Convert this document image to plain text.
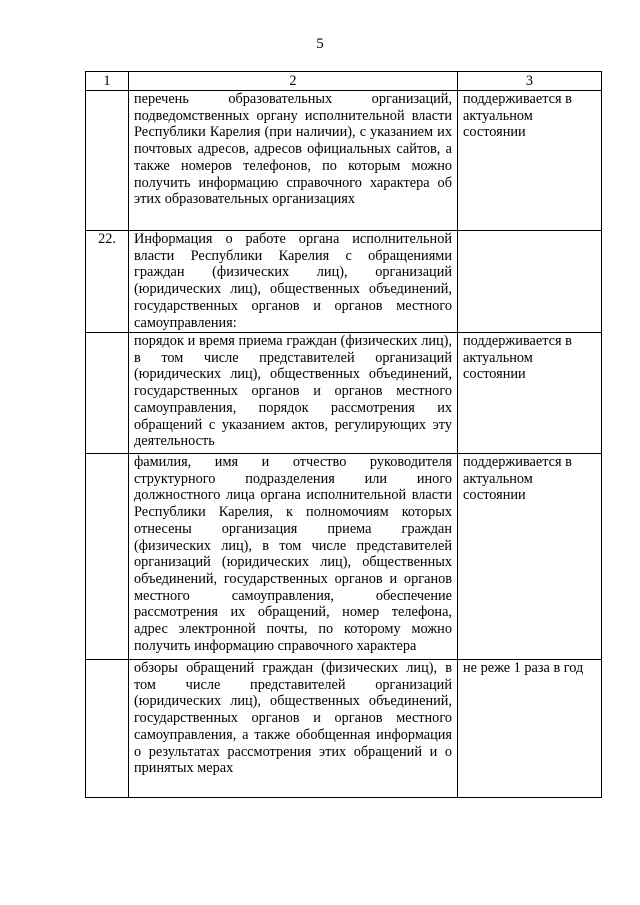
5
1	2	3
	перечень образовательных организаций, подведомственных органу исполнительной власти Республики Карелия (при наличии), с указанием их почтовых адресов, адресов официальных сайтов, а также номеров телефонов, по которым можно получить информацию справочного характера об этих образовательных организациях	поддерживается в актуальном состоянии
22.	Информация о работе органа исполнительной власти Республики Карелия с обращениями граждан (физических лиц), организаций (юридических лиц), общественных объединений, государственных органов и органов местного самоуправления:	
	порядок и время приема граждан (физических лиц), в том числе представителей организаций (юридических лиц), общественных объединений, государственных органов и органов местного самоуправления, порядок рассмотрения их обращений с указанием актов, регулирующих эту деятельность	поддерживается в актуальном состоянии
	фамилия, имя и отчество руководителя структурного подразделения или иного должностного лица органа исполнительной власти Республики Карелия, к полномочиям которых отнесены организация приема граждан (физических лиц), в том числе представителей организаций (юридических лиц), общественных объединений, государственных органов и органов местного самоуправления, обеспечение рассмотрения их обращений, номер телефона, адрес электронной почты, по которому можно получить информацию справочного характера	поддерживается в актуальном состоянии
	обзоры обращений граждан (физических лиц), в том числе представителей организаций (юридических лиц), общественных объединений, государственных органов и органов местного самоуправления, а также обобщенная информация о результатах рассмотрения этих обращений и о принятых мерах	не реже 1 раза в год
